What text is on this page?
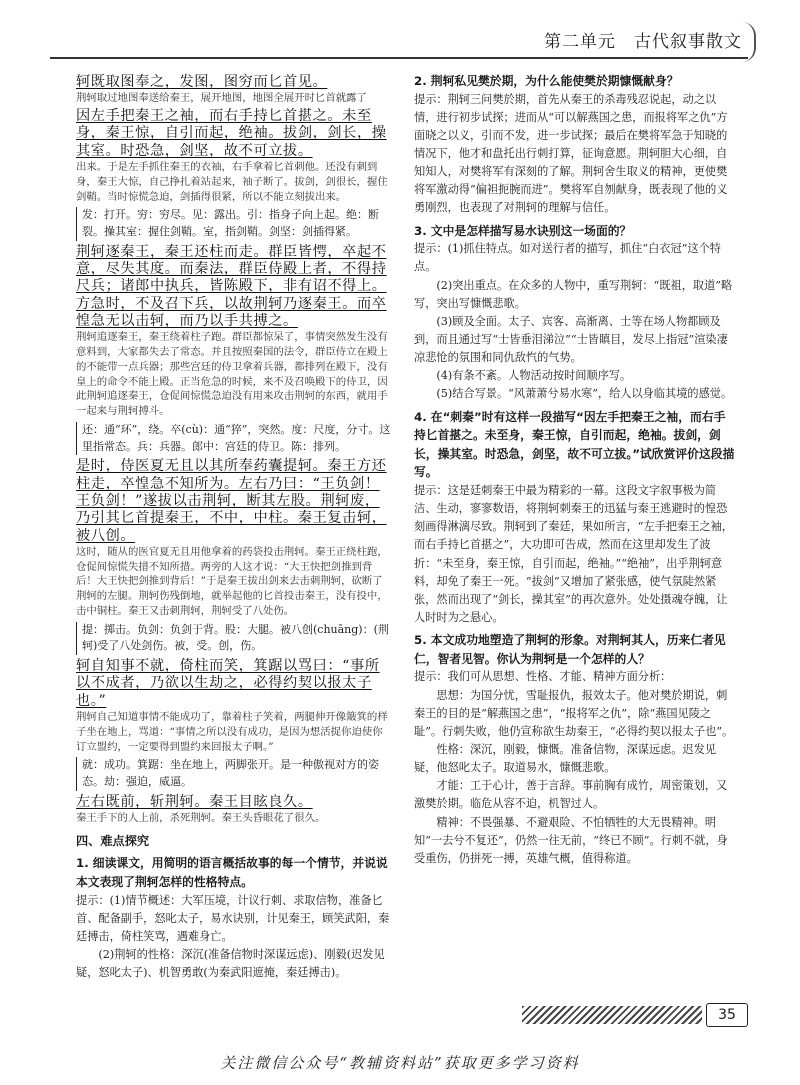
第二单元　古代叙事散文
轲既取图奉之，发图，图穷而匕首见。
荆轲取过地图奉送给秦王，展开地图，地图全展开时匕首就露了
因左手把秦王之袖，而右手持匕首揕之。未至身，秦王惊，自引而起，绝袖。拔剑，剑长，操其室。时恐急，剑坚，故不可立拔。
出来。于是左手抓住秦王的衣袖，右手拿着匕首刺他。还没有刺到身，秦王大惊，自己挣扎着站起来，袖子断了。拔剑，剑很长，握住剑鞘。当时惊慌急迫，剑插得很紧，所以不能立刻拔出来。
发：打开。穷：穷尽。见：露出。引：指身子向上起。绝：断裂。操其室：握住剑鞘。室，指剑鞘。剑坚：剑插得紧。
荆轲逐秦王，秦王还柱而走。群臣皆愕，卒起不意，尽失其度。而秦法，群臣侍殿上者，不得持尺兵；诸郎中执兵，皆陈殿下，非有诏不得上。方急时，不及召下兵，以故荆轲乃逐秦王。而卒惶急无以击轲，而乃以手共搏之。
荆轲追逐秦王，秦王绕着柱子跑。群臣都惊呆了，事情突然发生没有意料到，大家都失去了常态。并且按照秦国的法令，群臣侍立在殿上的不能带一点兵器；那些宫廷的侍卫拿着兵器，都排列在殿下，没有皇上的命令不能上殿。正当危急的时候，来不及召唤殿下的侍卫，因此荆轲追逐秦王，仓促间惊慌急迫没有用来攻击荆轲的东西，就用手一起来与荆轲搏斗。
还：通“环”，绕。卒(cù)：通“猝”，突然。度：尺度，分寸。这里指常态。兵：兵器。郎中：宫廷的侍卫。陈：排列。
是时，侍医夏无且以其所奉药囊提轲。秦王方还柱走，卒惶急不知所为。左右乃曰：“王负剑！王负剑！”遂拔以击荆轲，断其左股。荆轲废，乃引其匕首提秦王，不中，中柱。秦王复击轲，被八创。
这时，随从的医官夏无且用他拿着的药袋投击荆轲。秦王正绕柱跑，仓促间惊慌失措不知所措。两旁的人这才说：“大王快把剑推到背后！大王快把剑推到背后！”于是秦王拔出剑来去击刺荆轲，砍断了荆轲的左腿。荆轲伤残倒地，就举起他的匕首投击秦王，没有投中，击中铜柱。秦王又击刺荆轲，荆轲受了八处伤。
提：掷击。负剑：负剑于背。股：大腿。被八创(chuāng)：(荆轲)受了八处剑伤。被，受。创，伤。
轲自知事不就，倚柱而笑，箕踞以骂曰：“事所以不成者，乃欲以生劫之，必得约契以报太子也。”
荆轲自己知道事情不能成功了，靠着柱子笑着，两腿伸开像簸箕的样子坐在地上，骂道：“事情之所以没有成功，是因为想活捉你迫使你订立盟约，一定要得到盟约来回报太子啊。”
就：成功。箕踞：坐在地上，两脚张开。是一种傲视对方的姿态。劫：强迫，威逼。
左右既前，斩荆轲。秦王目眩良久。
秦王手下的人上前，杀死荆轲。秦王头昏眼花了很久。
四、难点探究
1. 细读课文，用简明的语言概括故事的每一个情节，并说说本文表现了荆轲怎样的性格特点。
提示：(1)情节概述：大军压境，计议行刺、求取信物，准备匕首、配备副手，怒叱太子，易水诀别，计见秦王，顾笑武阳，秦廷搏击，倚柱笑骂，遇难身亡。
(2)荆轲的性格：深沉(准备信物时深谋远虑)、刚毅(迟发见疑，怒叱太子)、机智勇敢(为秦武阳遮掩，秦廷搏击)。
2. 荆轲私见樊於期，为什么能使樊於期慷慨献身？
提示：荆轲三问樊於期，首先从秦王的杀毒残忍说起，动之以情，进行初步试探；进而从“可以解燕国之患，而报将军之仇”方面晓之以义，引而不发，进一步试探；最后在樊将军急于知晓的情况下，他才和盘托出行刺打算，征询意愿。荆轲胆大心细，自知知人，对樊将军有深刻的了解。荆轲舍生取义的精神，更使樊将军激动得“偏袒扼腕而进”。樊将军自刎献身，既表现了他的义勇刚烈，也表现了对荆轲的理解与信任。
3. 文中是怎样描写易水诀别这一场面的？
提示：(1)抓住特点。如对送行者的描写，抓住“白衣冠”这个特点。
(2)突出重点。在众多的人物中，重写荆轲：“既祖，取道”略写，突出写慷慨悲歌。
(3)顾及全面。太子、宾客、高渐离、士等在场人物都顾及到，而且通过写“士皆垂泪涕泣”“士皆瞋目，发尽上指冠”渲染凄凉悲怆的氛围和同仇敌忾的气势。
(4)有条不紊。人物活动按时间顺序写。
(5)结合写景。“风萧萧兮易水寒”，给人以身临其境的感觉。
4. 在“刺秦”时有这样一段描写“因左手把秦王之袖，而右手持匕首揕之。未至身，秦王惊，自引而起，绝袖。拔剑，剑长，操其室。时恐急，剑坚，故不可立拔。”试欣赏评价这段描写。
提示：这是廷刺秦王中最为精彩的一幕。这段文字叙事极为简洁、生动，寥寥数语，将荆轲刺秦王的迅猛与秦王逃避时的惶恐刻画得淋漓尽致。荆轲到了秦廷，果如所言，“左手把秦王之袖，而右手持匕首揕之”，大功即可告成，然而在这里却发生了波折：“未至身，秦王惊，自引而起，绝袖。”“绝袖”，出乎荆轲意料，却免了秦王一死。“拔剑”又增加了紧张感，使气氛陡然紧张，然而出现了“剑长，操其室”的再次意外。处处摄魂夺魄，让人时时为之悬心。
5. 本文成功地塑造了荆轲的形象。对荆轲其人，历来仁者见仁，智者见智。你认为荆轲是一个怎样的人？
提示：我们可从思想、性格、才能、精神方面分析：
思想：为国分忧，雪耻报仇，报效太子。他对樊於期说，刺秦王的目的是“解燕国之患”，“报将军之仇”，除“燕国见陵之耻”。行刺失败，他仍宣称欲生劫秦王，“必得约契以报太子也”。
性格：深沉，刚毅，慷慨。准备信物，深谋远虑。迟发见疑，他怒叱太子。取道易水，慷慨悲歌。
才能：工于心计，善于言辞。事前胸有成竹，周密策划，又激樊於期。临危从容不迫，机智过人。
精神：不畏强暴、不避艰险、不怕牺牲的大无畏精神。明知“一去兮不复还”，仍然一往无前，“终已不顾”。行刺不就，身受重伤，仍拼死一搏，英雄气概，值得称道。
35
关注微信公众号“教辅资料站”获取更多学习资料
